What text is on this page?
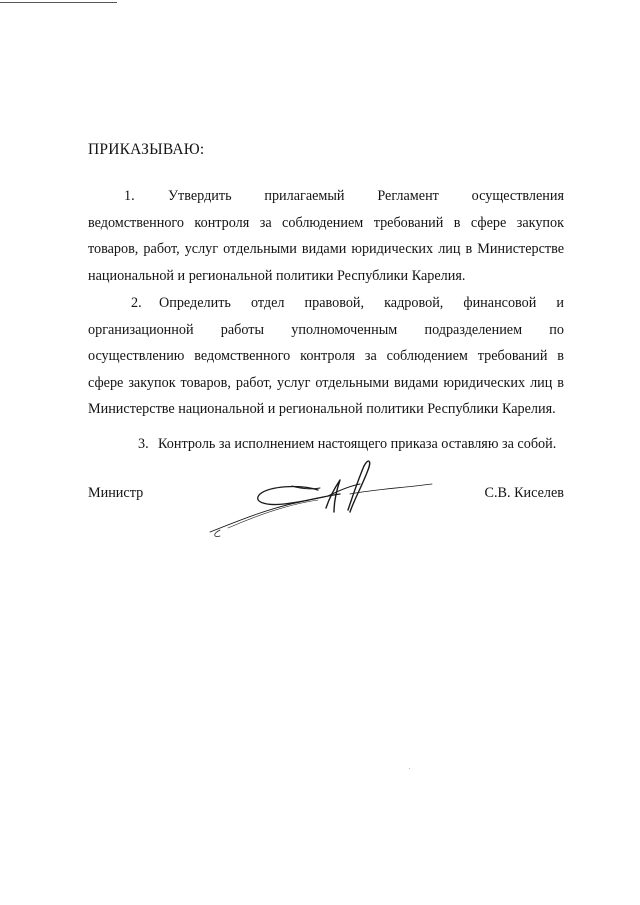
ПРИКАЗЫВАЮ:

1. Утвердить прилагаемый Регламент осуществления
ведомственного контроля за соблюдением требований в сфере закупок товаров, работ, услуг отдельными видами юридических лиц в Министерстве национальной и региональной политики Республики Карелия.

2. Определить отдел правовой, кадровой, финансовой и
организационной работы уполномоченным подразделением по осуществлению ведомственного контроля за соблюдением требований в сфере закупок товаров, работ, услуг отдельными видами юридических лиц в Министерстве национальной и региональной политики Республики Карелия.

3. Контроль за исполнением настоящего приказа оставляю за собой.

Министр	С.В. Киселев
